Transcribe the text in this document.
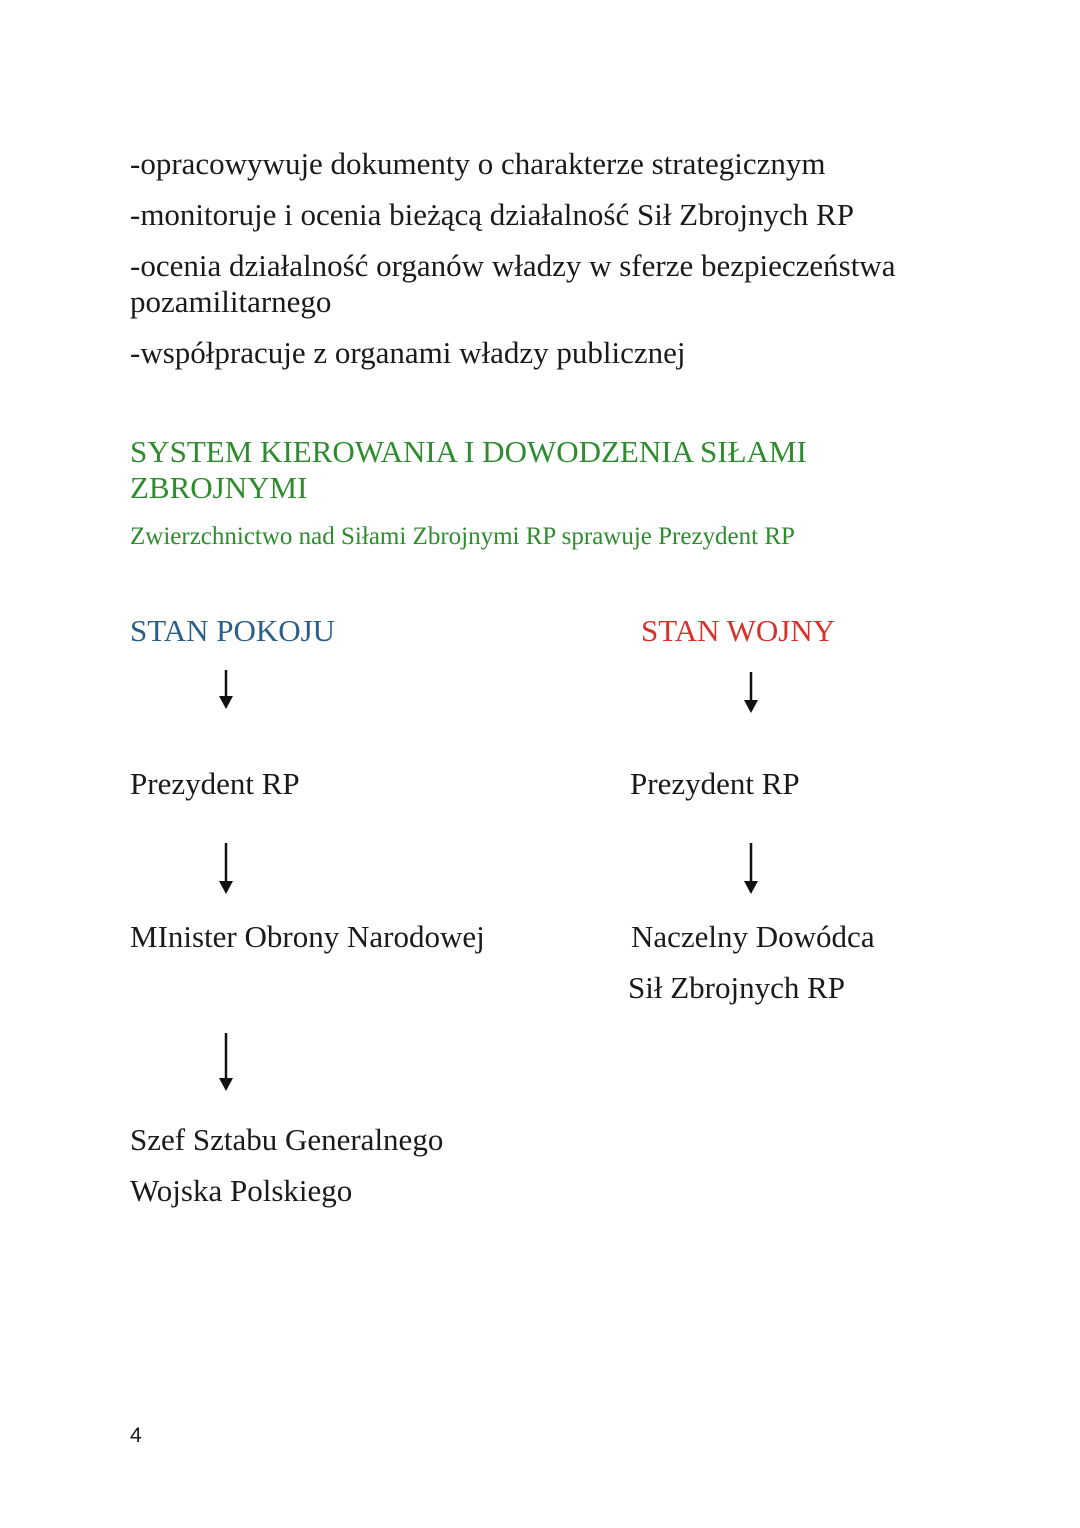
-opracowywuje dokumenty o charakterze strategicznym
-monitoruje i ocenia bieżącą działalność Sił Zbrojnych RP
-ocenia działalność organów władzy w sferze bezpieczeństwa pozamilitarnego
-współpracuje z organami władzy publicznej
SYSTEM KIEROWANIA I DOWODZENIA SIŁAMI ZBROJNYMI
Zwierzchnictwo nad Siłami Zbrojnymi RP sprawuje Prezydent RP
STAN POKOJU
Prezydent RP
MInister Obrony Narodowej
Szef Sztabu Generalnego
Wojska Polskiego
STAN WOJNY
Prezydent RP
Naczelny Dowódca
Sił Zbrojnych RP
4
